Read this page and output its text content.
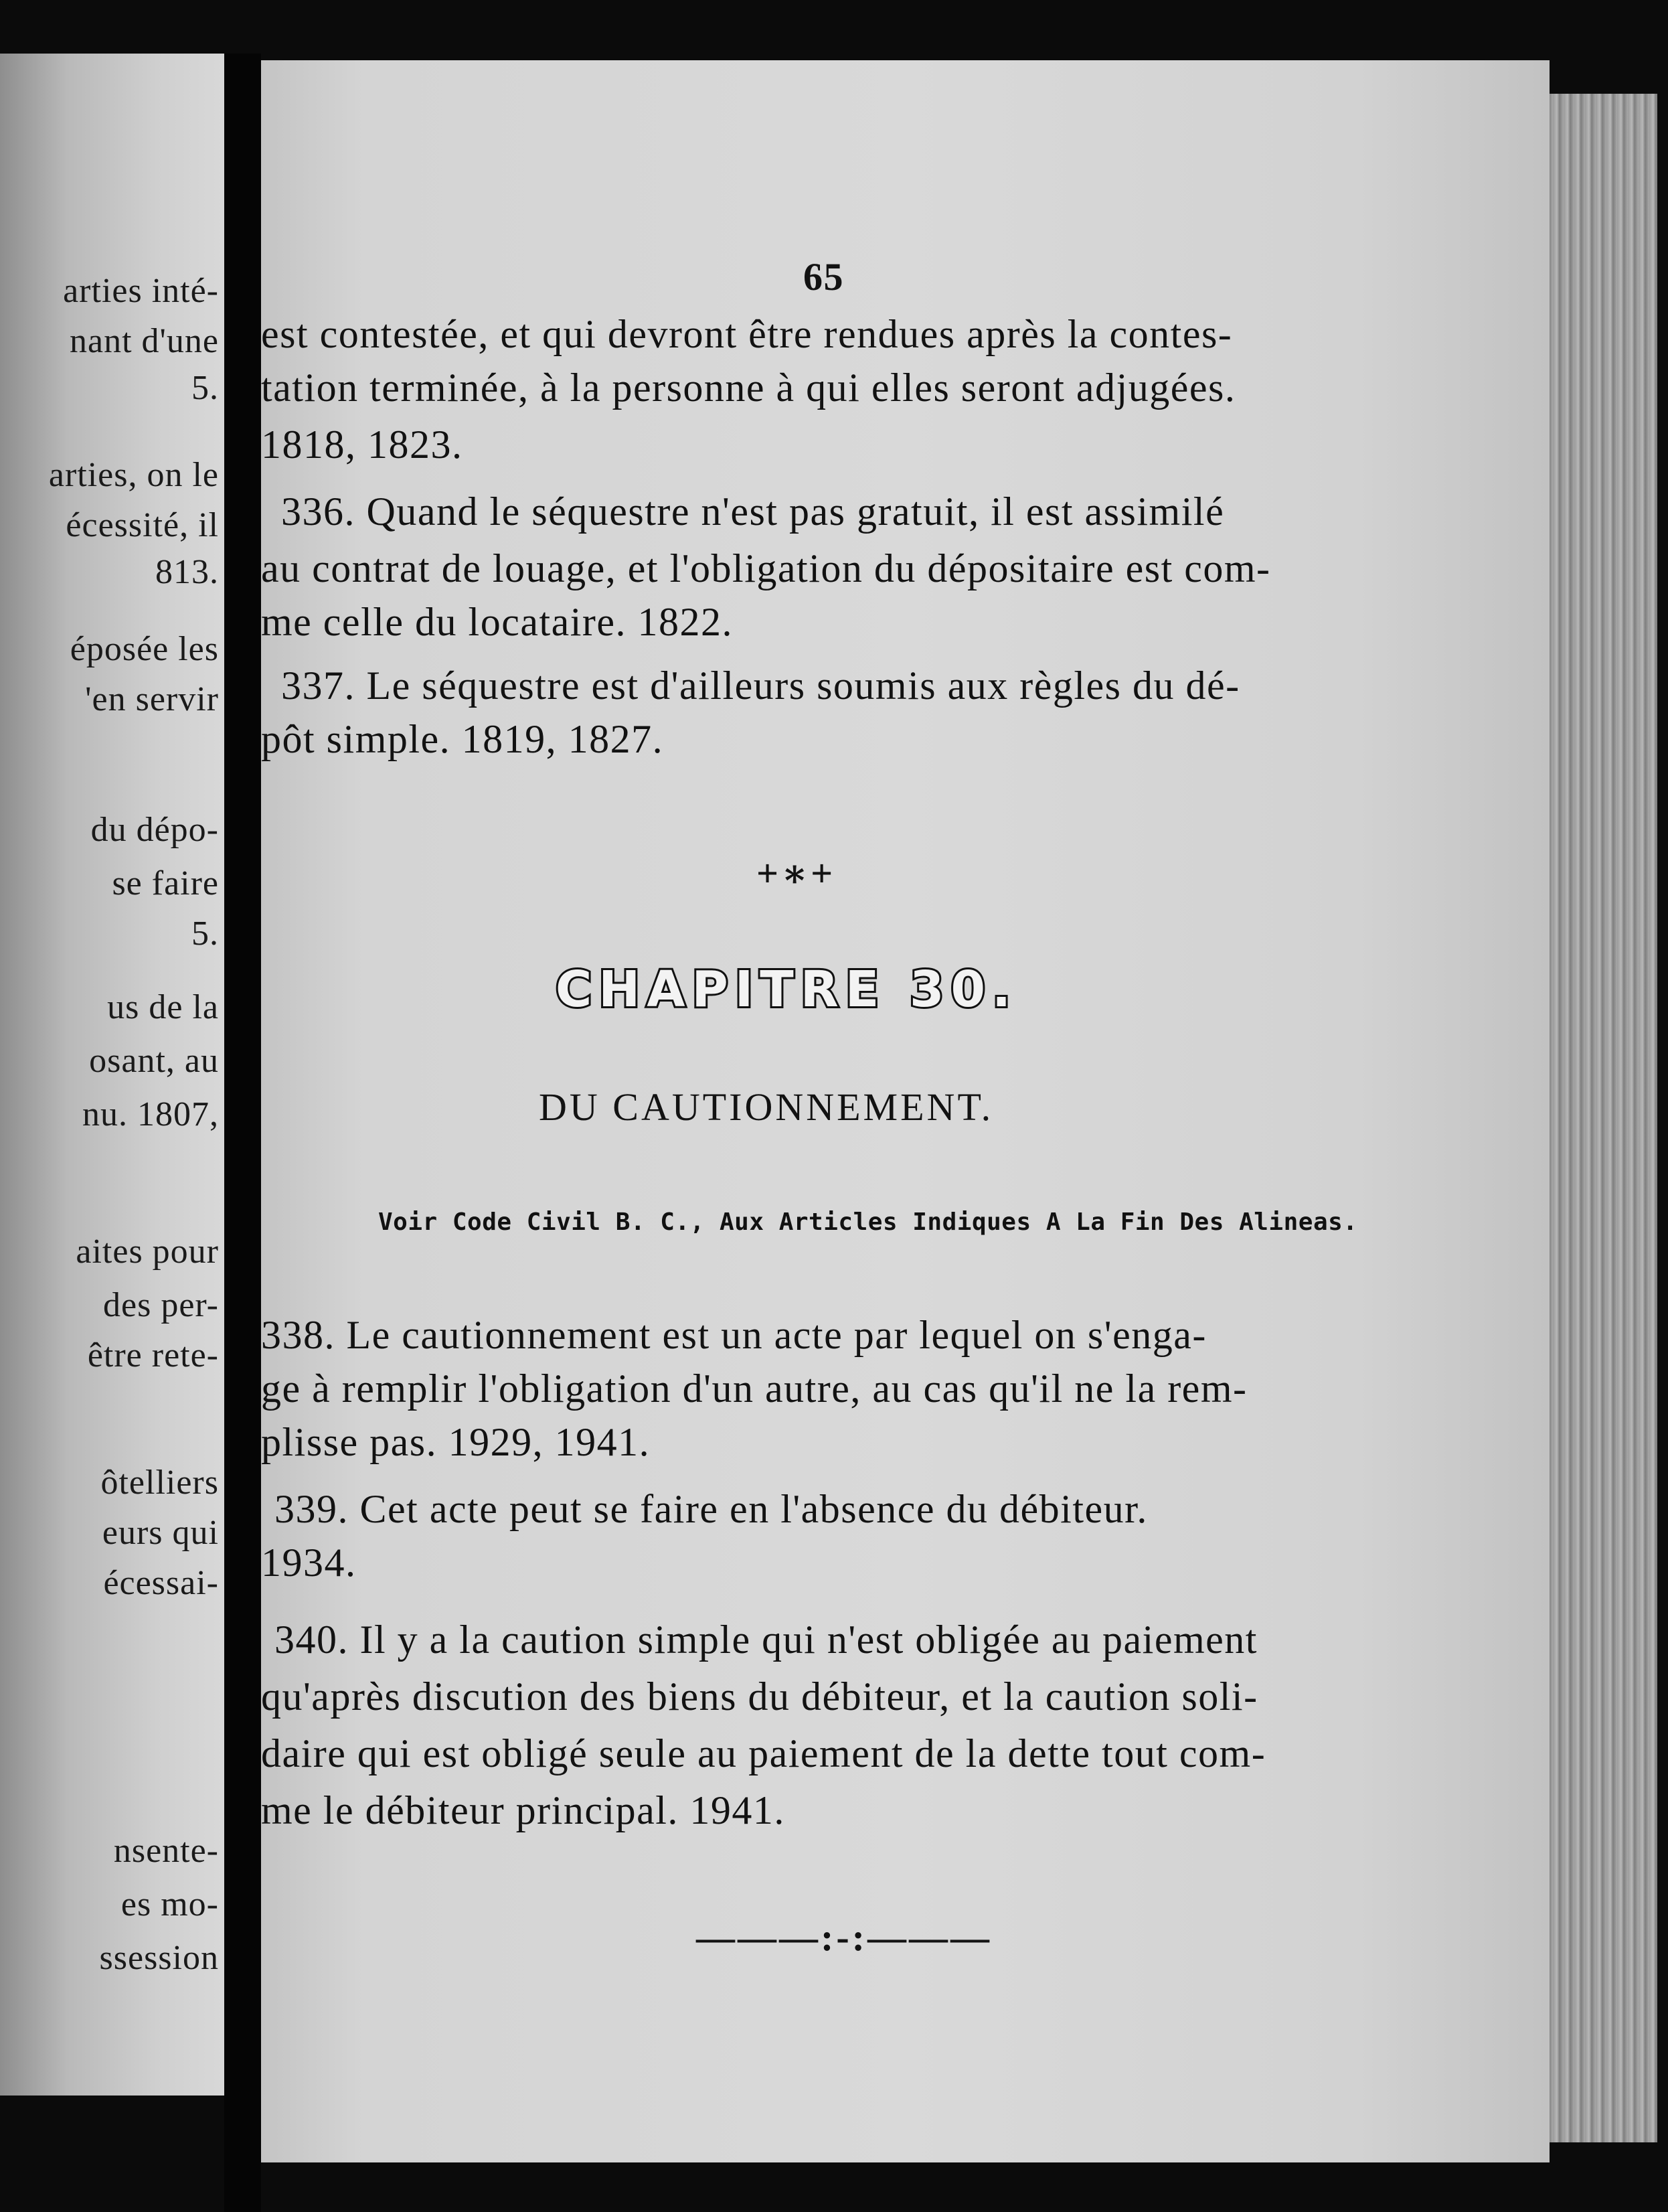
arties inté-
nant d'une
5.
arties, on le
écessité, il
813.
éposée les
'en servir
du dépo-
se faire
5.
us de la
osant, au
nu. 1807,
aites pour
des per-
être rete-
ôtelliers
eurs qui
écessai-
nsente-
es mo-
ssession
65
est contestée, et qui devront être rendues après la contes-
tation terminée, à la personne à qui elles seront adjugées.
1818, 1823.
336. Quand le séquestre n'est pas gratuit, il est assimilé
au contrat de louage, et l'obligation du dépositaire est com-
me celle du locataire. 1822.
337. Le séquestre est d'ailleurs soumis aux règles du dé-
pôt simple. 1819, 1827.
+∗+
CHAPITRE 30.
DU CAUTIONNEMENT.
Voir Code Civil B. C., Aux Articles Indiques A La Fin Des Alineas.
338. Le cautionnement est un acte par lequel on s'enga-
ge à remplir l'obligation d'un autre, au cas qu'il ne la rem-
plisse pas. 1929, 1941.
339. Cet acte peut se faire en l'absence du débiteur.
1934.
340. Il y a la caution simple qui n'est obligée au paiement
qu'après discution des biens du débiteur, et la caution soli-
daire qui est obligé seule au paiement de la dette tout com-
me le débiteur principal. 1941.
———:-:———
